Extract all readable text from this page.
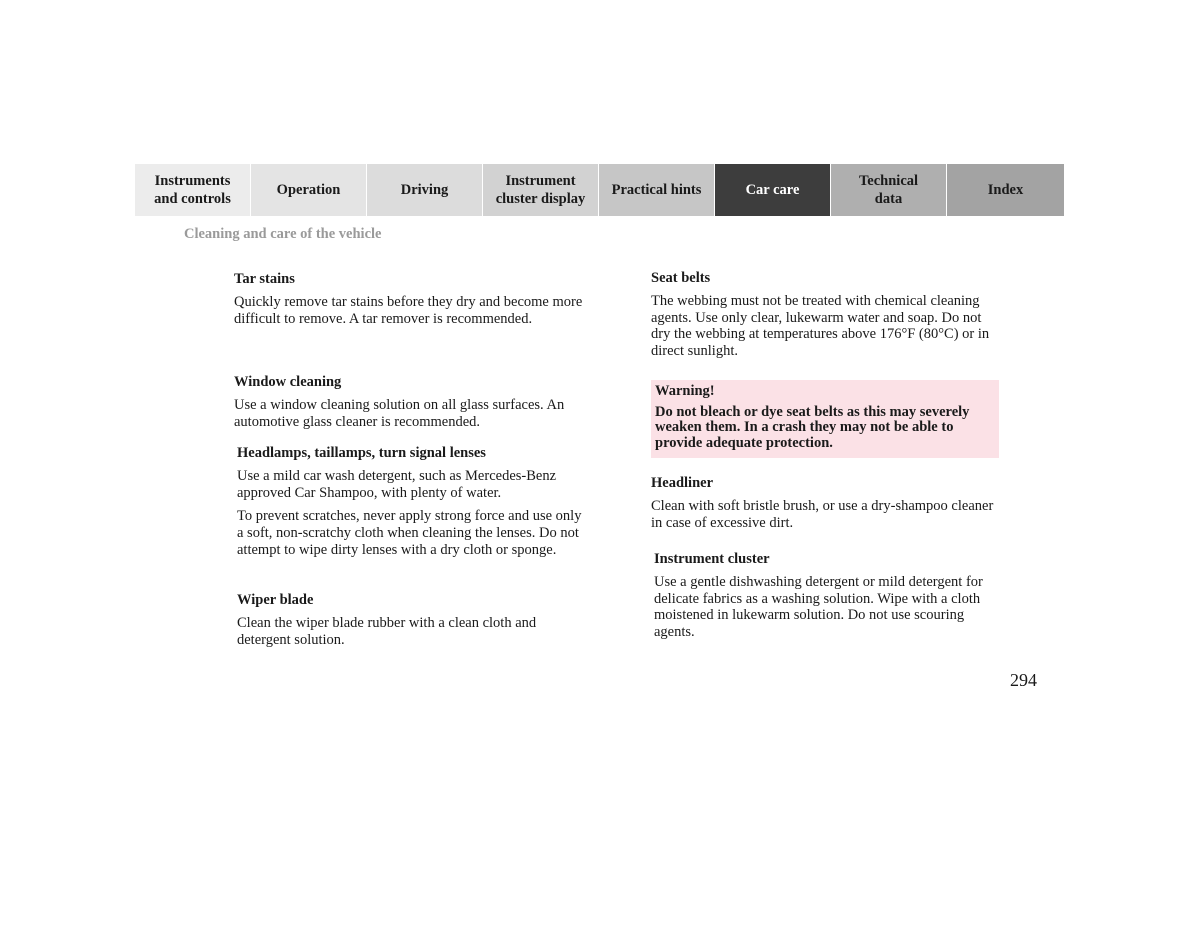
Instruments
and controls
Operation	Driving
Instrument
cluster display
Practical hints	Car care
Technical
data
Index
Cleaning and care of the vehicle
Tar stains

Quickly remove tar stains before they dry and become more difficult to remove. A tar remover is recommended.

Window cleaning

Use a window cleaning solution on all glass surfaces. An automotive glass cleaner is recommended.

Headlamps, taillamps, turn signal lenses

Use a mild car wash detergent, such as Mercedes-Benz approved Car Shampoo, with plenty of water.

To prevent scratches, never apply strong force and use only a soft, non-scratchy cloth when cleaning the lenses. Do not attempt to wipe dirty lenses with a dry cloth or sponge.

Wiper blade

Clean the wiper blade rubber with a clean cloth and detergent solution.

Seat belts

The webbing must not be treated with chemical cleaning agents. Use only clear, lukewarm water and soap. Do not dry the webbing at temperatures above 176°F (80°C) or in direct sunlight.

Warning!

Do not bleach or dye seat belts as this may severely weaken them. In a crash they may not be able to provide adequate protection.

Headliner

Clean with soft bristle brush, or use a dry-shampoo cleaner in case of excessive dirt.

Instrument cluster

Use a gentle dishwashing detergent or mild detergent for delicate fabrics as a washing solution. Wipe with a cloth moistened in lukewarm solution. Do not use scouring agents.

294
